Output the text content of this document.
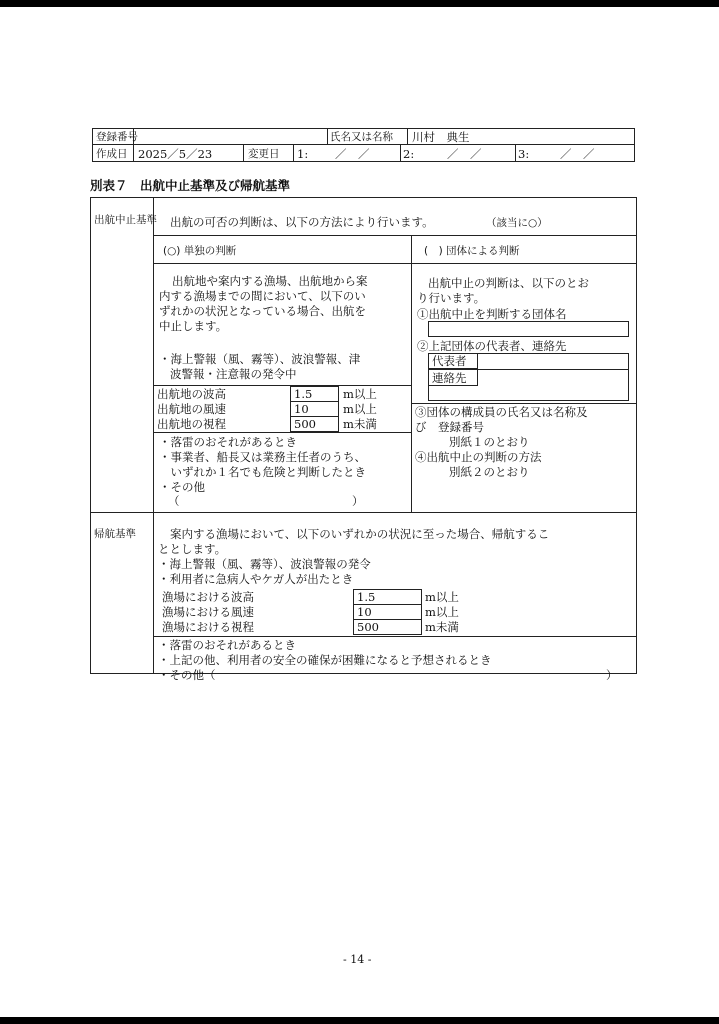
登録番号	氏名又は名称 川村　典生
作成日 2025／5／23	変更日 1: ／　／	2:	／　／	3:	／　／
別表７　出航中止基準及び帰航基準
出航中止基準 出航の可否の判断は、以下の方法により行います。	（該当に○）
(○) 単独の判断	(　) 団体による判断
出航地や案内する漁場、出航地から案
内する漁場までの間において、以下のい
ずれかの状況となっている場合、出航を
中止します。
・海上警報（風、霧等）、波浪警報、津
波警報・注意報の発令中
出航地の波高	1.5	m以上
出航地の風速	10	m以上
出航地の視程	500 m未満
・落雷のおそれがあるとき
・事業者、船長又は業務主任者のうち、
　いずれか１名でも危険と判断したとき
・その他
（　　　　　　　　　　　　　　　）
出航中止の判断は、以下のとお
り行います。
①出航中止を判断する団体名
②上記団体の代表者、連絡先
代表者
連絡先
③団体の構成員の氏名又は名称及
び　登録番号
　　別紙１のとおり
④出航中止の判断の方法
　　別紙２のとおり
帰航基準	案内する漁場において、以下のいずれかの状況に至った場合、帰航するこ
ととします。
・海上警報（風、霧等）、波浪警報の発令
・利用者に急病人やケガ人が出たとき
漁場における波高	1.5	m以上
漁場における風速	10	m以上
漁場における視程	500	m未満
・落雷のおそれがあるとき
・上記の他、利用者の安全の確保が困難になると予想されるとき
・その他（	）
- 14 -
